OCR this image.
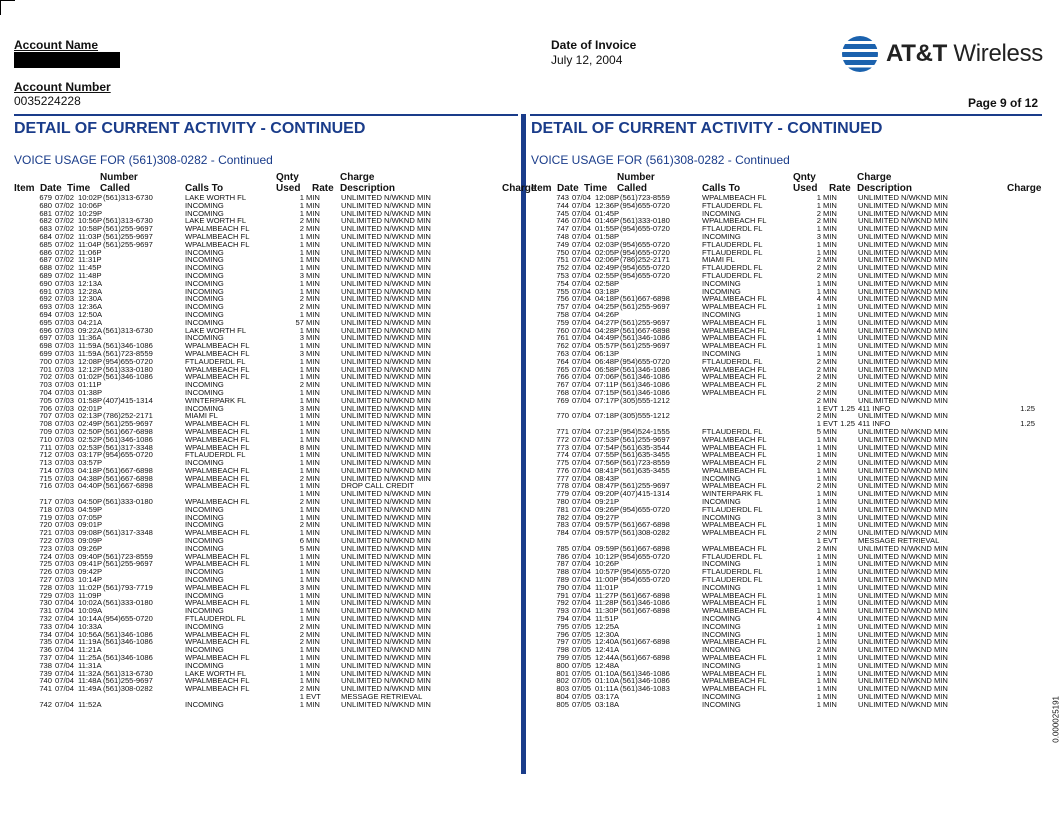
Account Name
Account Number
0035224228
Date of Invoice
July 12, 2004	AT&T Wireless
Page 9 of 12
DETAIL OF CURRENT ACTIVITY - CONTINUED	DETAIL OF CURRENT ACTIVITY - CONTINUED
VOICE USAGE FOR (561)308-0282 - Continued	VOICE USAGE FOR (561)308-0282 - Continued
Number	Qnty	Charge
Item Date Time Called	Calls To	Used Rate Description	Charge
679 07/02 10:02P (561)313-6730	LAKE WORTH FL	1 MIN	UNLIMITED N/WKND MIN
680 07/02 10:06P	INCOMING	1 MIN	UNLIMITED N/WKND MIN
681 07/02 10:29P	INCOMING	1 MIN	UNLIMITED N/WKND MIN
682 07/02 10:56P (561)313-6730	LAKE WORTH FL	2 MIN	UNLIMITED N/WKND MIN
683 07/02 10:58P (561)255-9697	WPALMBEACH FL	2 MIN	UNLIMITED N/WKND MIN
684 07/02 11:03P (561)255-9697	WPALMBEACH FL	1 MIN	UNLIMITED N/WKND MIN
685 07/02 11:04P (561)255-9697	WPALMBEACH FL	1 MIN	UNLIMITED N/WKND MIN
686 07/02 11:06P	INCOMING	1 MIN	UNLIMITED N/WKND MIN
687 07/02 11:31P	INCOMING	1 MIN	UNLIMITED N/WKND MIN
688 07/02 11:45P	INCOMING	1 MIN	UNLIMITED N/WKND MIN
689 07/02 11:48P	INCOMING	3 MIN	UNLIMITED N/WKND MIN
690 07/03 12:13A	INCOMING	1 MIN	UNLIMITED N/WKND MIN
691 07/03 12:28A	INCOMING	1 MIN	UNLIMITED N/WKND MIN
692 07/03 12:30A	INCOMING	2 MIN	UNLIMITED N/WKND MIN
693 07/03 12:36A	INCOMING	2 MIN	UNLIMITED N/WKND MIN
694 07/03 12:50A	INCOMING	1 MIN	UNLIMITED N/WKND MIN
695 07/03 04:21A	INCOMING	57 MIN	UNLIMITED N/WKND MIN
696 07/03 09:22A (561)313-6730	LAKE WORTH FL	1 MIN	UNLIMITED N/WKND MIN
697 07/03 11:36A	INCOMING	3 MIN	UNLIMITED N/WKND MIN
698 07/03 11:59A (561)346-1086	WPALMBEACH FL	1 MIN	UNLIMITED N/WKND MIN
699 07/03 11:59A (561)723-8559	WPALMBEACH FL	3 MIN	UNLIMITED N/WKND MIN
700 07/03 12:08P (954)655-0720	FTLAUDERDL FL	1 MIN	UNLIMITED N/WKND MIN
701 07/03 12:12P (561)333-0180	WPALMBEACH FL	1 MIN	UNLIMITED N/WKND MIN
702 07/03 01:02P (561)346-1086	WPALMBEACH FL	1 MIN	UNLIMITED N/WKND MIN
703 07/03 01:11P	INCOMING	2 MIN	UNLIMITED N/WKND MIN
704 07/03 01:38P	INCOMING	1 MIN	UNLIMITED N/WKND MIN
705 07/03 01:58P (407)415-1314	WINTERPARK FL	1 MIN	UNLIMITED N/WKND MIN
706 07/03 02:01P	INCOMING	3 MIN	UNLIMITED N/WKND MIN
707 07/03 02:13P (786)252-2171	MIAMI FL	1 MIN	UNLIMITED N/WKND MIN
708 07/03 02:49P (561)255-9697	WPALMBEACH FL	1 MIN	UNLIMITED N/WKND MIN
709 07/03 02:50P (561)667-6898	WPALMBEACH FL	1 MIN	UNLIMITED N/WKND MIN
710 07/03 02:52P (561)346-1086	WPALMBEACH FL	1 MIN	UNLIMITED N/WKND MIN
711 07/03 02:53P (561)317-3348	WPALMBEACH FL	8 MIN	UNLIMITED N/WKND MIN
712 07/03 03:17P (954)655-0720	FTLAUDERDL FL	1 MIN	UNLIMITED N/WKND MIN
713 07/03 03:57P	INCOMING	1 MIN	UNLIMITED N/WKND MIN
714 07/03 04:18P (561)667-6898	WPALMBEACH FL	1 MIN	UNLIMITED N/WKND MIN
715 07/03 04:38P (561)667-6898	WPALMBEACH FL	2 MIN	UNLIMITED N/WKND MIN
716 07/03 04:40P (561)667-6898	WPALMBEACH FL	1 MIN	DROP CALL CREDIT
1 MIN	UNLIMITED N/WKND MIN
717 07/03 04:50P (561)333-0180	WPALMBEACH FL	2 MIN	UNLIMITED N/WKND MIN
718 07/03 04:59P	INCOMING	1 MIN	UNLIMITED N/WKND MIN
719 07/03 07:05P	INCOMING	1 MIN	UNLIMITED N/WKND MIN
720 07/03 09:01P	INCOMING	2 MIN	UNLIMITED N/WKND MIN
721 07/03 09:08P (561)317-3348	WPALMBEACH FL	1 MIN	UNLIMITED N/WKND MIN
722 07/03 09:09P	INCOMING	6 MIN	UNLIMITED N/WKND MIN
723 07/03 09:26P	INCOMING	5 MIN	UNLIMITED N/WKND MIN
724 07/03 09:40P (561)723-8559	WPALMBEACH FL	1 MIN	UNLIMITED N/WKND MIN
725 07/03 09:41P (561)255-9697	WPALMBEACH FL	1 MIN	UNLIMITED N/WKND MIN
726 07/03 09:42P	INCOMING	1 MIN	UNLIMITED N/WKND MIN
727 07/03 10:14P	INCOMING	1 MIN	UNLIMITED N/WKND MIN
728 07/03 11:02P (561)793-7719	WPALMBEACH FL	3 MIN	UNLIMITED N/WKND MIN
729 07/03 11:09P	INCOMING	1 MIN	UNLIMITED N/WKND MIN
730 07/04 10:02A (561)333-0180	WPALMBEACH FL	1 MIN	UNLIMITED N/WKND MIN
731 07/04 10:09A	INCOMING	1 MIN	UNLIMITED N/WKND MIN
732 07/04 10:14A (954)655-0720	FTLAUDERDL FL	1 MIN	UNLIMITED N/WKND MIN
733 07/04 10:33A	INCOMING	2 MIN	UNLIMITED N/WKND MIN
734 07/04 10:56A (561)346-1086	WPALMBEACH FL	2 MIN	UNLIMITED N/WKND MIN
735 07/04 11:19A (561)346-1086	WPALMBEACH FL	2 MIN	UNLIMITED N/WKND MIN
736 07/04 11:21A	INCOMING	1 MIN	UNLIMITED N/WKND MIN
737 07/04 11:25A (561)346-1086	WPALMBEACH FL	1 MIN	UNLIMITED N/WKND MIN
738 07/04 11:31A	INCOMING	1 MIN	UNLIMITED N/WKND MIN
739 07/04 11:32A (561)313-6730	LAKE WORTH FL	1 MIN	UNLIMITED N/WKND MIN
740 07/04 11:48A (561)255-9697	WPALMBEACH FL	1 MIN	UNLIMITED N/WKND MIN
741 07/04 11:49A (561)308-0282	WPALMBEACH FL	2 MIN	UNLIMITED N/WKND MIN
1 EVT	MESSAGE RETRIEVAL
742 07/04 11:52A	INCOMING	1 MIN	UNLIMITED N/WKND MIN
Number	Qnty	Charge
Item Date Time Called	Calls To	Used Rate Description	Charge
743 07/04 12:08P (561)723-8559	WPALMBEACH FL	1 MIN	UNLIMITED N/WKND MIN
744 07/04 12:36P (954)655-0720	FTLAUDERDL FL	1 MIN	UNLIMITED N/WKND MIN
745 07/04 01:45P	INCOMING	2 MIN	UNLIMITED N/WKND MIN
746 07/04 01:46P (561)333-0180	WPALMBEACH FL	2 MIN	UNLIMITED N/WKND MIN
747 07/04 01:55P (954)655-0720	FTLAUDERDL FL	1 MIN	UNLIMITED N/WKND MIN
748 07/04 01:58P	INCOMING	3 MIN	UNLIMITED N/WKND MIN
749 07/04 02:03P (954)655-0720	FTLAUDERDL FL	1 MIN	UNLIMITED N/WKND MIN
750 07/04 02:05P (954)655-0720	FTLAUDERDL FL	1 MIN	UNLIMITED N/WKND MIN
751 07/04 02:06P (786)252-2171	MIAMI FL	2 MIN	UNLIMITED N/WKND MIN
752 07/04 02:49P (954)655-0720	FTLAUDERDL FL	2 MIN	UNLIMITED N/WKND MIN
753 07/04 02:55P (954)655-0720	FTLAUDERDL FL	2 MIN	UNLIMITED N/WKND MIN
754 07/04 02:58P	INCOMING	1 MIN	UNLIMITED N/WKND MIN
755 07/04 03:18P	INCOMING	1 MIN	UNLIMITED N/WKND MIN
756 07/04 04:18P (561)667-6898	WPALMBEACH FL	4 MIN	UNLIMITED N/WKND MIN
757 07/04 04:25P (561)255-9697	WPALMBEACH FL	1 MIN	UNLIMITED N/WKND MIN
758 07/04 04:26P	INCOMING	1 MIN	UNLIMITED N/WKND MIN
759 07/04 04:27P (561)255-9697	WPALMBEACH FL	1 MIN	UNLIMITED N/WKND MIN
760 07/04 04:28P (561)667-6898	WPALMBEACH FL	4 MIN	UNLIMITED N/WKND MIN
761 07/04 04:49P (561)346-1086	WPALMBEACH FL	1 MIN	UNLIMITED N/WKND MIN
762 07/04 05:57P (561)255-9697	WPALMBEACH FL	1 MIN	UNLIMITED N/WKND MIN
763 07/04 06:13P	INCOMING	1 MIN	UNLIMITED N/WKND MIN
764 07/04 06:48P (954)655-0720	FTLAUDERDL FL	2 MIN	UNLIMITED N/WKND MIN
765 07/04 06:58P (561)346-1086	WPALMBEACH FL	2 MIN	UNLIMITED N/WKND MIN
766 07/04 07:06P (561)346-1086	WPALMBEACH FL	2 MIN	UNLIMITED N/WKND MIN
767 07/04 07:11P (561)346-1086	WPALMBEACH FL	2 MIN	UNLIMITED N/WKND MIN
768 07/04 07:15P (561)346-1086	WPALMBEACH FL	2 MIN	UNLIMITED N/WKND MIN
769 07/04 07:17P (305)555-1212	2 MIN	UNLIMITED N/WKND MIN
1 EVT 1.25 411 INFO	1.25
770 07/04 07:18P (305)555-1212	2 MIN	UNLIMITED N/WKND MIN
1 EVT 1.25 411 INFO	1.25
771 07/04 07:21P (954)524-1555	FTLAUDERDL FL	5 MIN	UNLIMITED N/WKND MIN
772 07/04 07:53P (561)255-9697	WPALMBEACH FL	1 MIN	UNLIMITED N/WKND MIN
773 07/04 07:54P (561)635-3544	WPALMBEACH FL	1 MIN	UNLIMITED N/WKND MIN
774 07/04 07:55P (561)635-3455	WPALMBEACH FL	1 MIN	UNLIMITED N/WKND MIN
775 07/04 07:56P (561)723-8559	WPALMBEACH FL	2 MIN	UNLIMITED N/WKND MIN
776 07/04 08:41P (561)635-3455	WPALMBEACH FL	1 MIN	UNLIMITED N/WKND MIN
777 07/04 08:43P	INCOMING	1 MIN	UNLIMITED N/WKND MIN
778 07/04 08:47P (561)255-9697	WPALMBEACH FL	2 MIN	UNLIMITED N/WKND MIN
779 07/04 09:20P (407)415-1314	WINTERPARK FL	1 MIN	UNLIMITED N/WKND MIN
780 07/04 09:21P	INCOMING	1 MIN	UNLIMITED N/WKND MIN
781 07/04 09:26P (954)655-0720	FTLAUDERDL FL	1 MIN	UNLIMITED N/WKND MIN
782 07/04 09:27P	INCOMING	3 MIN	UNLIMITED N/WKND MIN
783 07/04 09:57P (561)667-6898	WPALMBEACH FL	1 MIN	UNLIMITED N/WKND MIN
784 07/04 09:57P (561)308-0282	WPALMBEACH FL	2 MIN	UNLIMITED N/WKND MIN
1 EVT	MESSAGE RETRIEVAL
785 07/04 09:59P (561)667-6898	WPALMBEACH FL	2 MIN	UNLIMITED N/WKND MIN
786 07/04 10:12P (954)655-0720	FTLAUDERDL FL	1 MIN	UNLIMITED N/WKND MIN
787 07/04 10:26P	INCOMING	1 MIN	UNLIMITED N/WKND MIN
788 07/04 10:57P (954)655-0720	FTLAUDERDL FL	1 MIN	UNLIMITED N/WKND MIN
789 07/04 11:00P (954)655-0720	FTLAUDERDL FL	1 MIN	UNLIMITED N/WKND MIN
790 07/04 11:01P	INCOMING	1 MIN	UNLIMITED N/WKND MIN
791 07/04 11:27P (561)667-6898	WPALMBEACH FL	1 MIN	UNLIMITED N/WKND MIN
792 07/04 11:28P (561)346-1086	WPALMBEACH FL	1 MIN	UNLIMITED N/WKND MIN
793 07/04 11:30P (561)667-6898	WPALMBEACH FL	1 MIN	UNLIMITED N/WKND MIN
794 07/04 11:51P	INCOMING	4 MIN	UNLIMITED N/WKND MIN
795 07/05 12:25A	INCOMING	1 MIN	UNLIMITED N/WKND MIN
796 07/05 12:30A	INCOMING	1 MIN	UNLIMITED N/WKND MIN
797 07/05 12:40A (561)667-6898	WPALMBEACH FL	1 MIN	UNLIMITED N/WKND MIN
798 07/05 12:41A	INCOMING	2 MIN	UNLIMITED N/WKND MIN
799 07/05 12:44A (561)667-6898	WPALMBEACH FL	1 MIN	UNLIMITED N/WKND MIN
800 07/05 12:48A	INCOMING	1 MIN	UNLIMITED N/WKND MIN
801 07/05 01:10A (561)346-1086	WPALMBEACH FL	1 MIN	UNLIMITED N/WKND MIN
802 07/05 01:10A (561)346-1086	WPALMBEACH FL	1 MIN	UNLIMITED N/WKND MIN
803 07/05 01:11A (561)346-1083	WPALMBEACH FL	1 MIN	UNLIMITED N/WKND MIN
804 07/05 03:17A	INCOMING	1 MIN	UNLIMITED N/WKND MIN
805 07/05 03:18A	INCOMING	1 MIN	UNLIMITED N/WKND MIN	0.000025191
